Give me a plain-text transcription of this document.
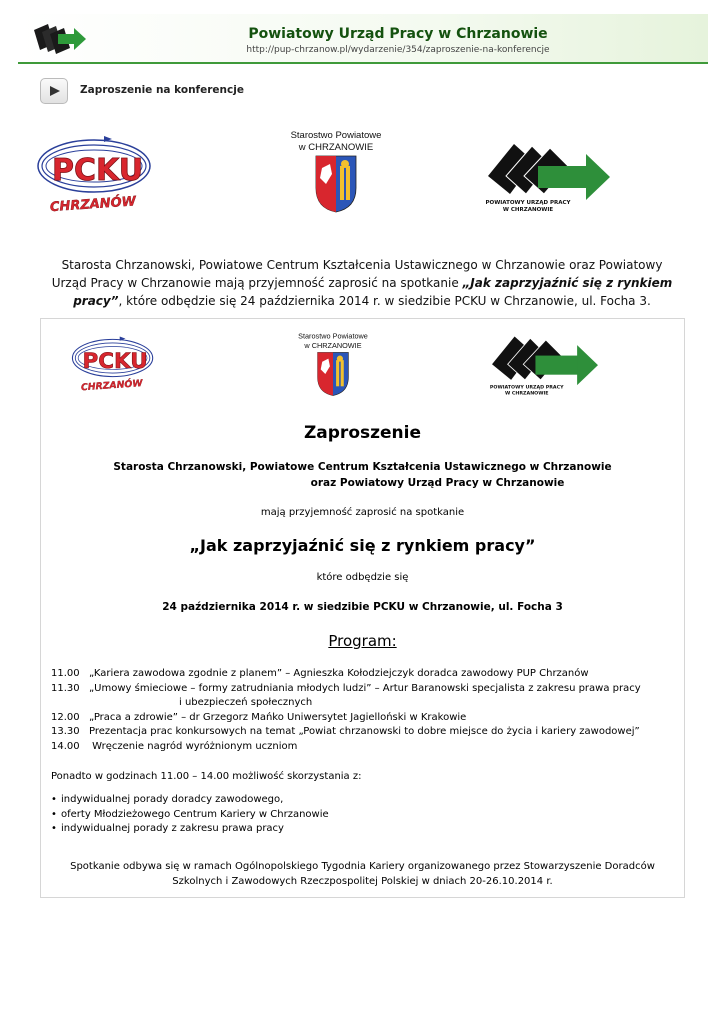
Powiatowy Urząd Pracy w Chrzanowie
http://pup-chrzanow.pl/wydarzenie/354/zaproszenie-na-konferencje
Zaproszenie na konferencje
PCKU
CHRZANÓW
Starostwo Powiatowe
w CHRZANOWIE
POWIATOWY URZĄD PRACY
W CHRZANOWIE
Starosta Chrzanowski, Powiatowe Centrum Kształcenia Ustawicznego w Chrzanowie oraz Powiatowy Urząd Pracy w Chrzanowie mają przyjemność zaprosić na spotkanie „Jak zaprzyjaźnić się z rynkiem pracy”, które odbędzie się 24 października 2014 r. w siedzibie PCKU w Chrzanowie, ul. Focha 3.
PCKU
CHRZANÓW
Starostwo Powiatowe
w CHRZANOWIE
POWIATOWY URZĄD PRACY
W CHRZANOWIE
Zaproszenie
Starosta Chrzanowski, Powiatowe Centrum Kształcenia Ustawicznego w Chrzanowie
oraz Powiatowy Urząd Pracy w Chrzanowie
mają przyjemność zaprosić na spotkanie
„Jak zaprzyjaźnić się z rynkiem pracy”
które odbędzie się
24 października 2014 r. w siedzibie PCKU w Chrzanowie, ul. Focha 3
Program:
11.00 „Kariera zawodowa zgodnie z planem” – Agnieszka Kołodziejczyk doradca zawodowy PUP Chrzanów
11.30 „Umowy śmieciowe – formy zatrudniania młodych ludzi” – Artur Baranowski specjalista z zakresu prawa pracy
i ubezpieczeń społecznych
12.00 „Praca a zdrowie” – dr Grzegorz Mańko Uniwersytet Jagielloński w Krakowie
13.30 Prezentacja prac konkursowych na temat „Powiat chrzanowski to dobre miejsce do życia i kariery zawodowej”
14.00 Wręczenie nagród wyróżnionym uczniom
Ponadto w godzinach 11.00 – 14.00 możliwość skorzystania z:
• indywidualnej porady doradcy zawodowego,
• oferty Młodzieżowego Centrum Kariery w Chrzanowie
• indywidualnej porady z zakresu prawa pracy
Spotkanie odbywa się w ramach Ogólnopolskiego Tygodnia Kariery organizowanego przez Stowarzyszenie Doradców
Szkolnych i Zawodowych Rzeczpospolitej Polskiej w dniach 20-26.10.2014 r.
